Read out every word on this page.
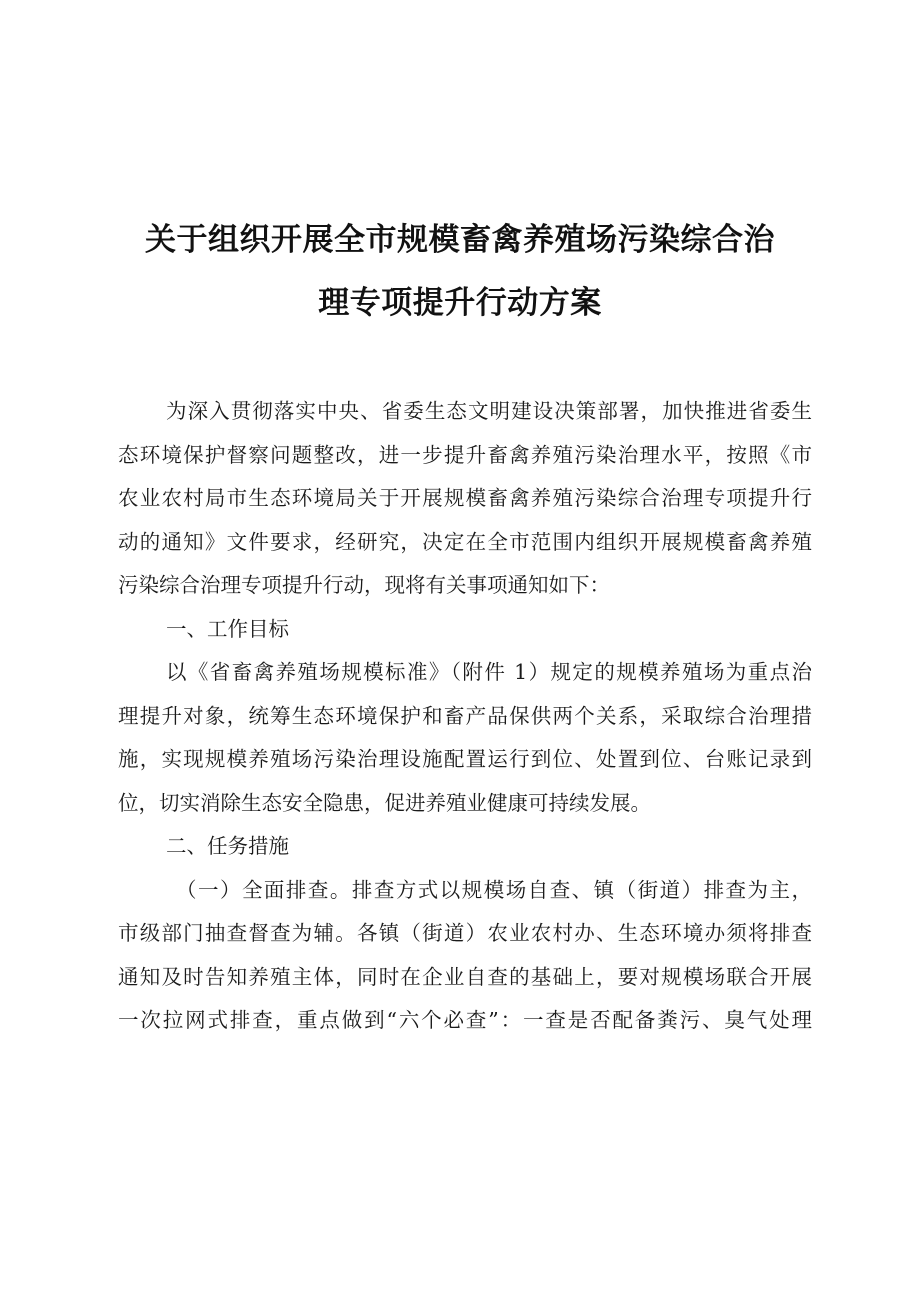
关于组织开展全市规模畜禽养殖场污染综合治
理专项提升行动方案
为深入贯彻落实中央、省委生态文明建设决策部署，加快推进省委生
态环境保护督察问题整改，进一步提升畜禽养殖污染治理水平，按照《市
农业农村局市生态环境局关于开展规模畜禽养殖污染综合治理专项提升行
动的通知》文件要求，经研究，决定在全市范围内组织开展规模畜禽养殖
污染综合治理专项提升行动，现将有关事项通知如下：
一、工作目标
以《省畜禽养殖场规模标准》（附件 1）规定的规模养殖场为重点治
理提升对象，统筹生态环境保护和畜产品保供两个关系，采取综合治理措
施，实现规模养殖场污染治理设施配置运行到位、处置到位、台账记录到
位，切实消除生态安全隐患，促进养殖业健康可持续发展。
二、任务措施
（一）全面排查。排查方式以规模场自查、镇（街道）排查为主，
市级部门抽查督查为辅。各镇（街道）农业农村办、生态环境办须将排查
通知及时告知养殖主体，同时在企业自查的基础上，要对规模场联合开展
一次拉网式排查，重点做到“六个必查”：一查是否配备粪污、臭气处理
